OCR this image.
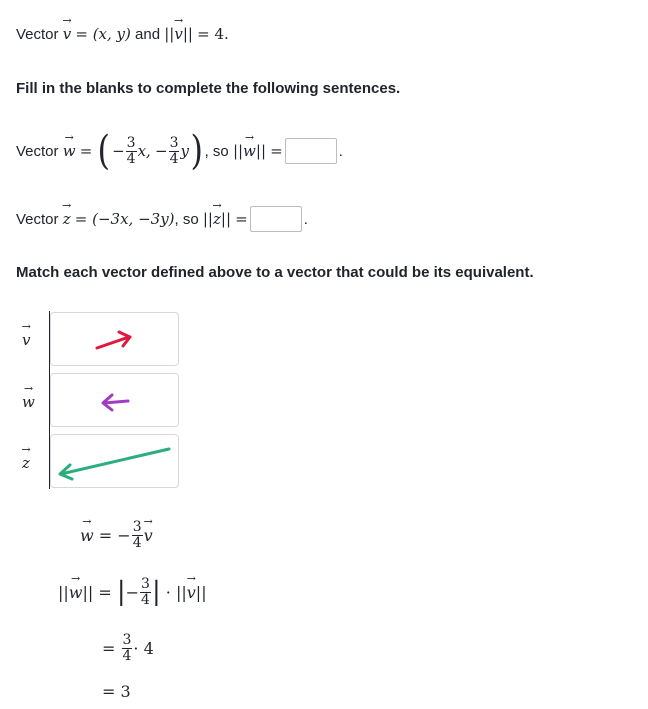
Vector
→ v
= (x, y)
and
|| → v ||
= 4.
Fill in the blanks to complete the following sentences.
Vector
→ w
=
( − $\frac{3}{4} x$,
− $\frac{3}{4}$ y ) , so
|| → w ||
=	.
Vector
→ z
= (−3x, −3y) , so
|| → z ||
=	.
Match each vector defined above to a vector that could be its equivalent.
→ v
→ w
→ z
→ w = − $\frac{3}{4} \to v$
|| → w || = | − $\frac{3}{4}$ | · || → v ||
= $\frac{3}{4} \cdot 4$
= 3
